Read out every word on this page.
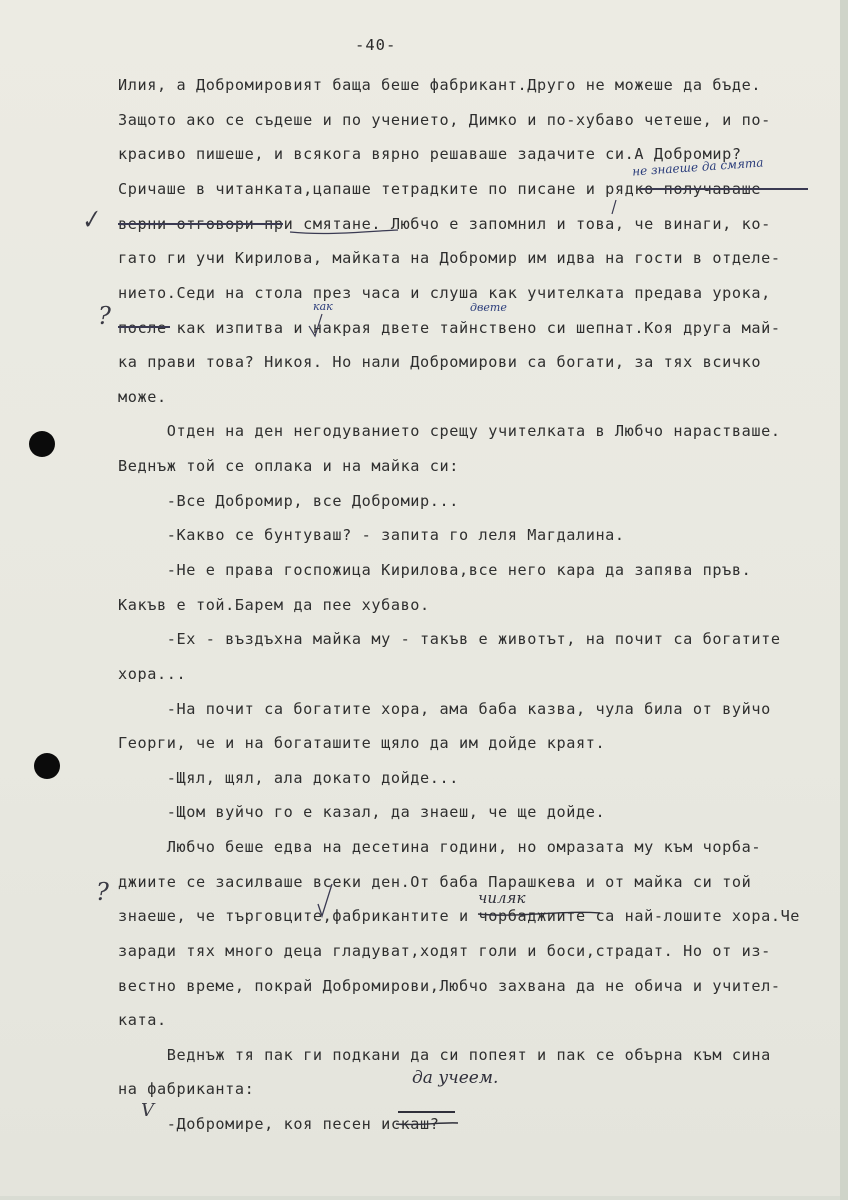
-40-
Илия, а Добромировият баща беше фабрикант.Друго не можеше да бъде.
Защото ако се съдеше и по учението, Димко и по-хубаво четеше, и по-
красиво пишеше, и всякога вярно решаваше задачите си.А Добромир?
Сричаше в читанката,цапаше тетрадките по писане и рядко получаваше
верни отговори при смятане. Любчо е запомнил и това, че винаги, ко-
гато ги учи Кирилова, майката на Добромир им идва на гости в отделе-
нието.Седи на стола през часа и слуша как учителката предава урока,
после как изпитва и накрая двете тайнствено си шепнат.Коя друга май-
ка прави това? Никоя. Но нали Добромирови са богати, за тях всичко
може.
Отден на ден негодуванието срещу учителката в Любчо нарастваше.
Веднъж той се оплака и на майка си:
-Все Добромир, все Добромир...
-Какво се бунтуваш? - запита го леля Магдалина.
-Не е права госпожица Кирилова,все него кара да запява пръв.
Какъв е той.Барем да пее хубаво.
-Ех - въздъхна майка му - такъв е животът, на почит са богатите
хора...
-На почит са богатите хора, ама баба казва, чула била от вуйчо
Георги, че и на богаташите щяло да им дойде краят.
-Щял, щял, ала докато дойде...
-Щом вуйчо го е казал, да знаеш, че ще дойде.
Любчо беше едва на десетина години, но омразата му към чорба-
джиите се засилваше всеки ден.От баба Парашкева и от майка си той
знаеше, че търговците,фабрикантите и чорбаджиите са най-лошите хора.Че
заради тях много деца гладуват,ходят голи и боси,страдат. Но от из-
вестно време, покрай Добромирови,Любчо захвана да не обича и учител-
ката.
Веднъж тя пак ги подкани да си попеят и пак се обърна към сина
на фабриканта:
-Добромире, коя песен искаш?
не знаеше да смята
как	двете
чиляк
да учеем.
✓
?
?
V
